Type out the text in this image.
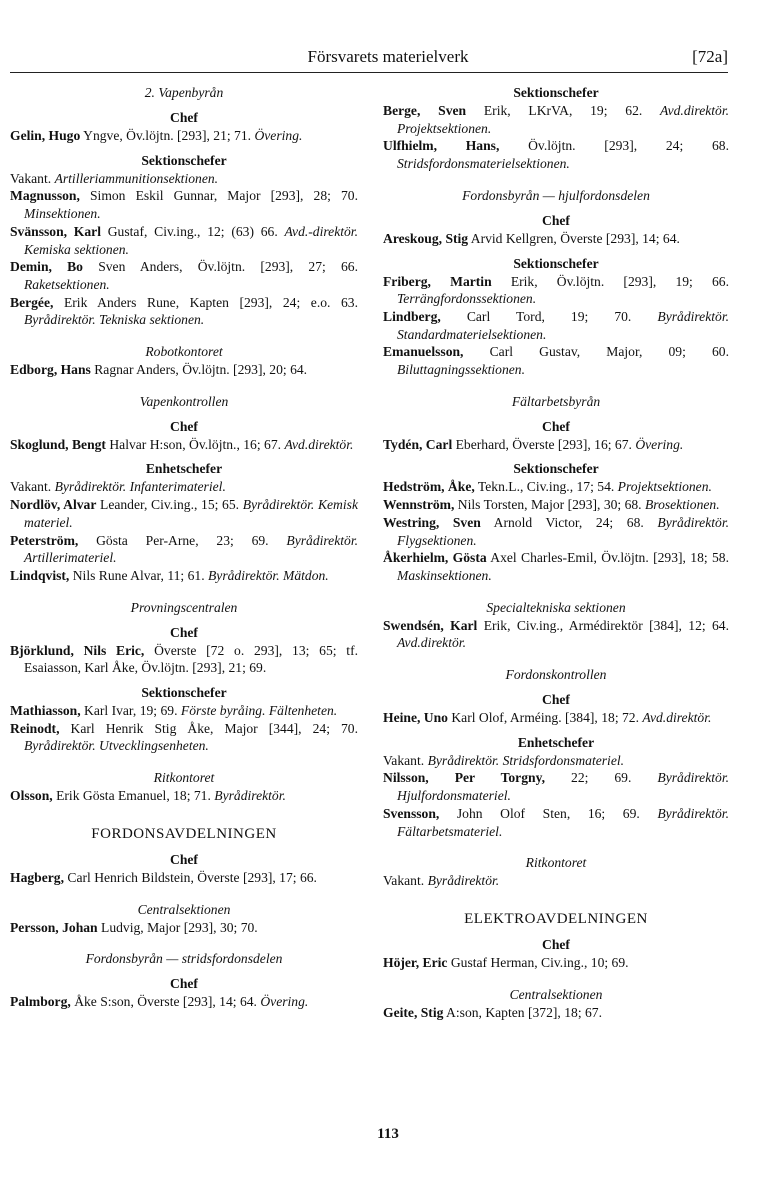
Försvarets materielverk	[72a]
2. Vapenbyrån
Chef
Gelin, Hugo Yngve, Öv.löjtn. [293], 21; 71. Övering.
Sektionschefer
Vakant. Artilleriammunitionsektionen.
Magnusson, Simon Eskil Gunnar, Major [293], 28; 70. Minsektionen.
Svänsson, Karl Gustaf, Civ.ing., 12; (63) 66. Avd.-direktör. Kemiska sektionen.
Demin, Bo Sven Anders, Öv.löjtn. [293], 27; 66. Raketsektionen.
Bergée, Erik Anders Rune, Kapten [293], 24; e.o. 63. Byrådirektör. Tekniska sektionen.
Robotkontoret
Edborg, Hans Ragnar Anders, Öv.löjtn. [293], 20; 64.
Vapenkontrollen
Chef
Skoglund, Bengt Halvar H:son, Öv.löjtn., 16; 67. Avd.direktör.
Enhetschefer
Vakant. Byrådirektör. Infanterimateriel.
Nordlöv, Alvar Leander, Civ.ing., 15; 65. Byrådirektör. Kemisk materiel.
Peterström, Gösta Per-Arne, 23; 69. Byrådirektör. Artillerimateriel.
Lindqvist, Nils Rune Alvar, 11; 61. Byrådirektör. Mätdon.
Provningscentralen
Chef
Björklund, Nils Eric, Överste [72 o. 293], 13; 65; tf. Esaiasson, Karl Åke, Öv.löjtn. [293], 21; 69.
Sektionschefer
Mathiasson, Karl Ivar, 19; 69. Förste byråing. Fältenheten.
Reinodt, Karl Henrik Stig Åke, Major [344], 24; 70. Byrådirektör. Utvecklingsenheten.
Ritkontoret
Olsson, Erik Gösta Emanuel, 18; 71. Byrådirektör.
FORDONSAVDELNINGEN
Chef
Hagberg, Carl Henrich Bildstein, Överste [293], 17; 66.
Centralsektionen
Persson, Johan Ludvig, Major [293], 30; 70.
Fordonsbyrån — stridsfordonsdelen
Chef
Palmborg, Åke S:son, Överste [293], 14; 64. Övering.
Sektionschefer
Berge, Sven Erik, LKrVA, 19; 62. Avd.direktör. Projektsektionen.
Ulfhielm, Hans, Öv.löjtn. [293], 24; 68. Stridsfordonsmaterielsektionen.
Fordonsbyrån — hjulfordonsdelen
Chef
Areskoug, Stig Arvid Kellgren, Överste [293], 14; 64.
Sektionschefer
Friberg, Martin Erik, Öv.löjtn. [293], 19; 66. Terrängfordonssektionen.
Lindberg, Carl Tord, 19; 70. Byrådirektör. Standardmaterielsektionen.
Emanuelsson, Carl Gustav, Major, 09; 60. Biluttagningssektionen.
Fältarbetsbyrån
Chef
Tydén, Carl Eberhard, Överste [293], 16; 67. Övering.
Sektionschefer
Hedström, Åke, Tekn.L., Civ.ing., 17; 54. Projektsektionen.
Wennström, Nils Torsten, Major [293], 30; 68. Brosektionen.
Westring, Sven Arnold Victor, 24; 68. Byrådirektör. Flygsektionen.
Åkerhielm, Gösta Axel Charles-Emil, Öv.löjtn. [293], 18; 58. Maskinsektionen.
Specialtekniska sektionen
Swendsén, Karl Erik, Civ.ing., Armédirektör [384], 12; 64. Avd.direktör.
Fordonskontrollen
Chef
Heine, Uno Karl Olof, Arméing. [384], 18; 72. Avd.direktör.
Enhetschefer
Vakant. Byrådirektör. Stridsfordonsmateriel.
Nilsson, Per Torgny, 22; 69. Byrådirektör. Hjulfordonsmateriel.
Svensson, John Olof Sten, 16; 69. Byrådirektör. Fältarbetsmateriel.
Ritkontoret
Vakant. Byrådirektör.
ELEKTROAVDELNINGEN
Chef
Höjer, Eric Gustaf Herman, Civ.ing., 10; 69.
Centralsektionen
Geite, Stig A:son, Kapten [372], 18; 67.
113
